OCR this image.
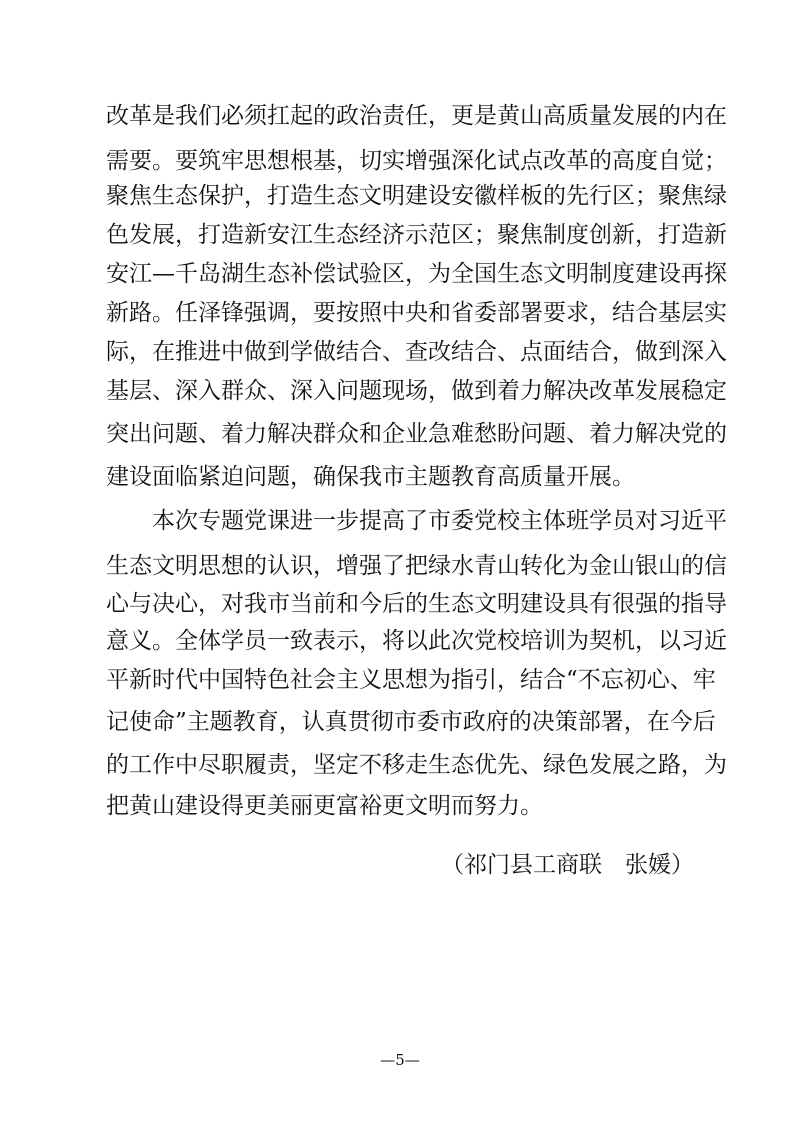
改革是我们必须扛起的政治责任，更是黄山高质量发展的内在
需要。要筑牢思想根基，切实增强深化试点改革的高度自觉；
聚焦生态保护，打造生态文明建设安徽样板的先行区；聚焦绿
色发展，打造新安江生态经济示范区；聚焦制度创新，打造新
安江—千岛湖生态补偿试验区，为全国生态文明制度建设再探
新路。任泽锋强调，要按照中央和省委部署要求，结合基层实
际，在推进中做到学做结合、查改结合、点面结合，做到深入
基层、深入群众、深入问题现场，做到着力解决改革发展稳定
突出问题、着力解决群众和企业急难愁盼问题、着力解决党的
建设面临紧迫问题，确保我市主题教育高质量开展。
本次专题党课进一步提高了市委党校主体班学员对习近平
生态文明思想的认识，增强了把绿水青山转化为金山银山的信
心与决心，对我市当前和今后的生态文明建设具有很强的指导
意义。全体学员一致表示，将以此次党校培训为契机，以习近
平新时代中国特色社会主义思想为指引，结合“不忘初心、牢
记使命”主题教育，认真贯彻市委市政府的决策部署，在今后
的工作中尽职履责，坚定不移走生态优先、绿色发展之路，为
把黄山建设得更美丽更富裕更文明而努力。
（祁门县工商联　张媛）
—5—
